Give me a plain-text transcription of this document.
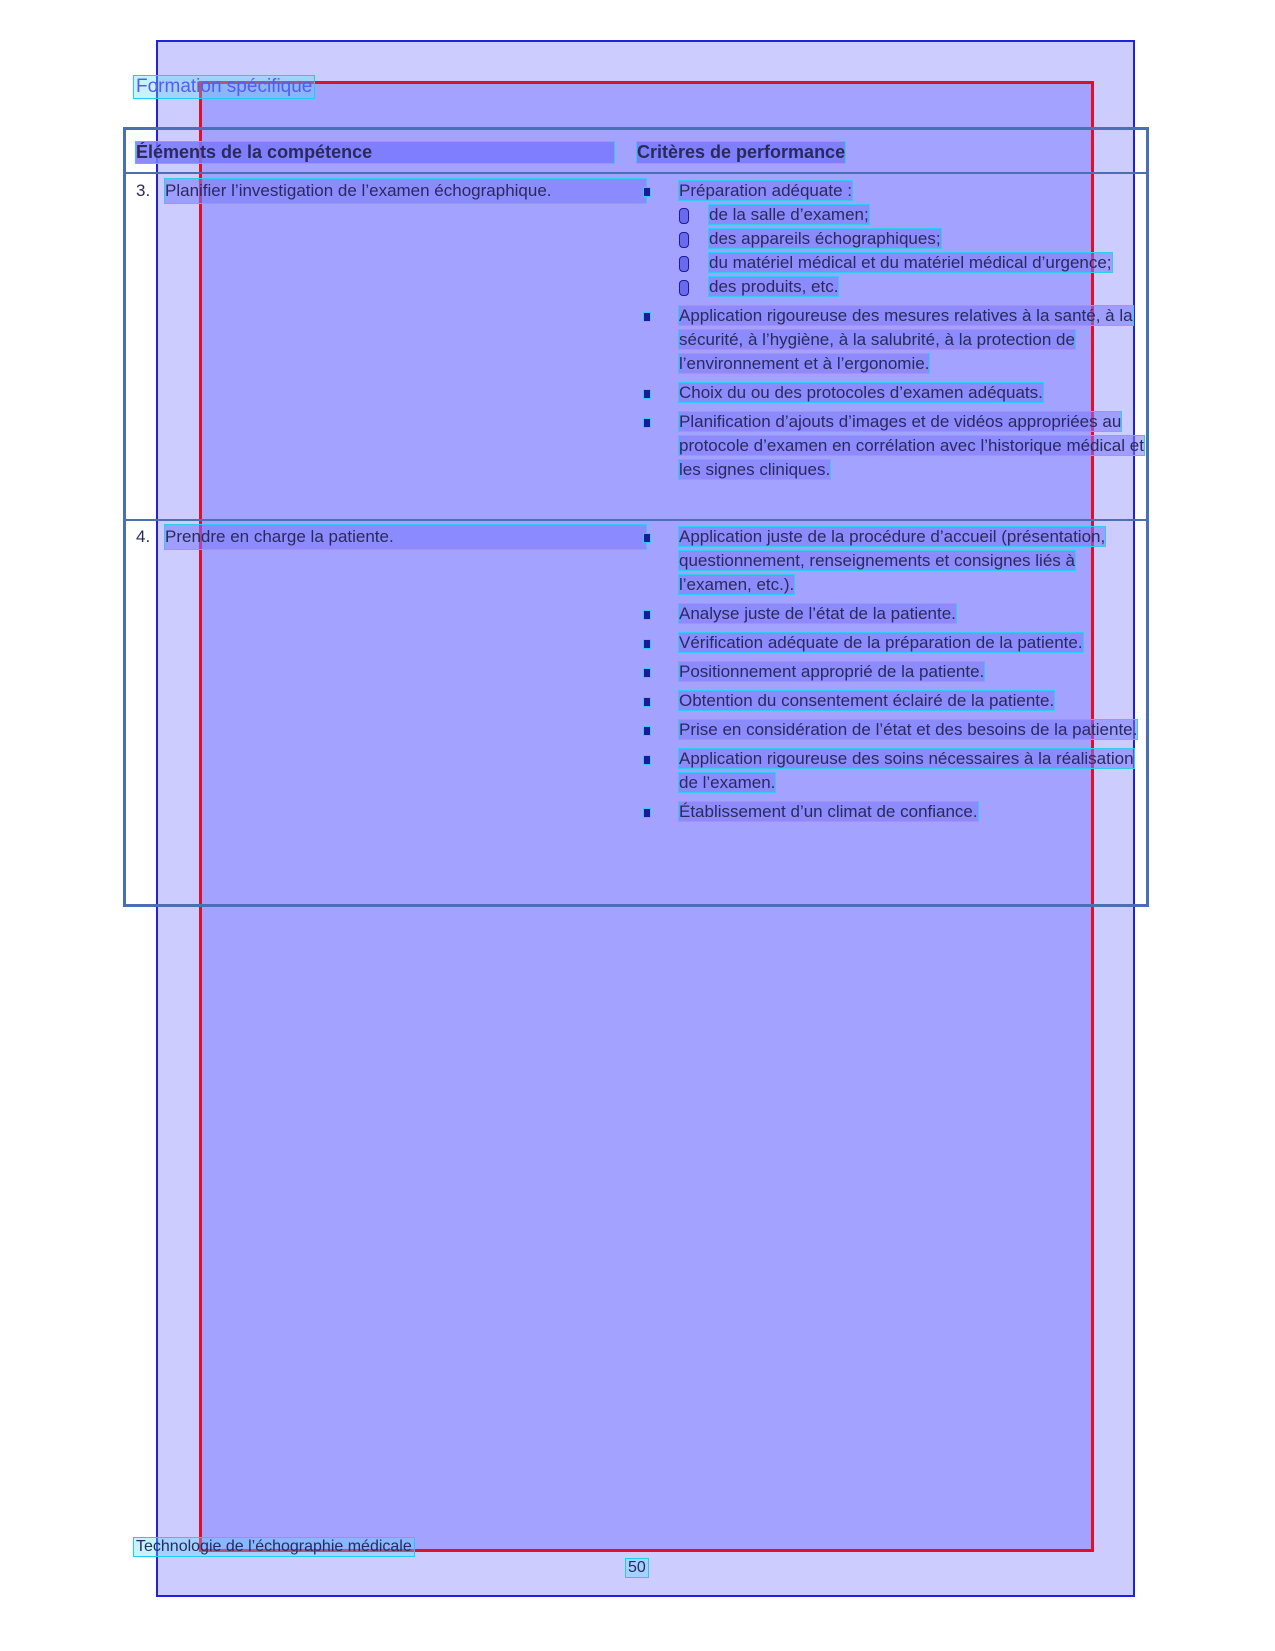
Formation spécifique
Éléments de la compétence	Critères de performance
3. Planifier l’investigation de l’examen échographique.	Préparation adéquate :
de la salle d’examen;
des appareils échographiques;
du matériel médical et du matériel médical d’urgence;
des produits, etc.
Application rigoureuse des mesures relatives à la santé, à la sécurité, à l’hygiène, à la salubrité, à la protection de l’environnement et à l’ergonomie.
Choix du ou des protocoles d’examen adéquats.
Planification d’ajouts d’images et de vidéos appropriées au protocole d’examen en corrélation avec l’historique médical et les signes cliniques.
4. Prendre en charge la patiente.	Application juste de la procédure d’accueil (présentation, questionnement, renseignements et consignes liés à l’examen, etc.).
Analyse juste de l’état de la patiente.
Vérification adéquate de la préparation de la patiente.
Positionnement approprié de la patiente.
Obtention du consentement éclairé de la patiente.
Prise en considération de l’état et des besoins de la patiente.
Application rigoureuse des soins nécessaires à la réalisation de l’examen.
Établissement d’un climat de confiance.
Technologie de l’échographie médicale
50
